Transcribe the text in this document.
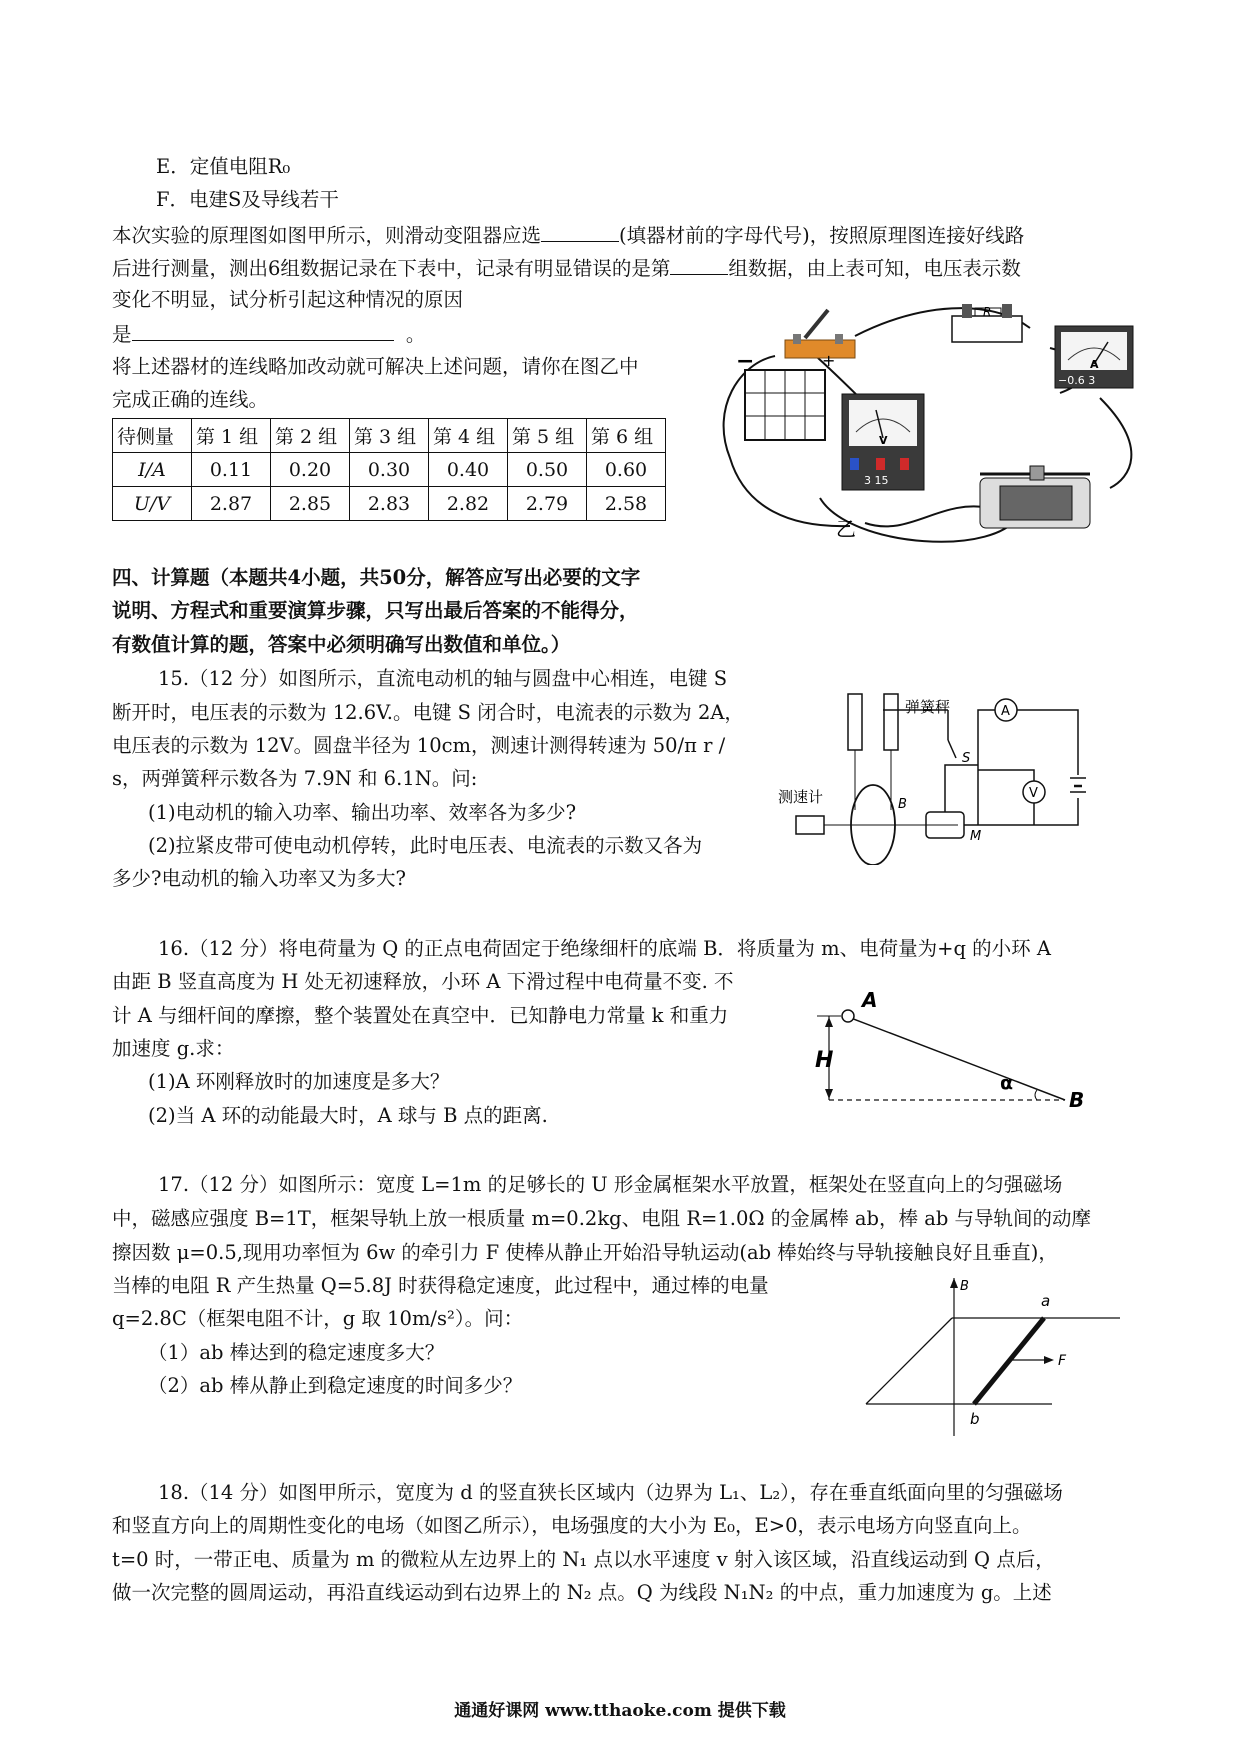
E．定值电阻R₀
F．电建S及导线若干
本次实验的原理图如图甲所示，则滑动变阻器应选	(填器材前的字母代号)，按照原理图连接好线路
后进行测量，测出6组数据记录在下表中，记录有明显错误的是第	组数据，由上表可知，电压表示数
变化不明显，试分析引起这种情况的原因
是	。
将上述器材的连线略加改动就可解决上述问题，请你在图乙中
完成正确的连线。
待侧量	第 1 组	第 2 组	第 3 组	第 4 组	第 5 组	第 6 组
I/A	0.11	0.20	0.30	0.40	0.50	0.60
U/V	2.87	2.85	2.83	2.82	2.79	2.58
R
−	+	A
−0.6 3
V
3 15
乙
四、计算题（本题共4小题，共50分，解答应写出必要的文字
说明、方程式和重要演算步骤，只写出最后答案的不能得分，
有数值计算的题，答案中必须明确写出数值和单位。）
15.（12 分）如图所示，直流电动机的轴与圆盘中心相连，电键 S
断开时，电压表的示数为 12.6V.。电键 S 闭合时，电流表的示数为 2A，
电压表的示数为 12V。圆盘半径为 10cm，测速计测得转速为 50/π r /
s，两弹簧秤示数各为 7.9N 和 6.1N。问:
(1)电动机的输入功率、输出功率、效率各为多少?
(2)拉紧皮带可使电动机停转，此时电压表、电流表的示数又各为
多少?电动机的输入功率又为多大?
弹簧秤
B
测速计
M
S
A
V
16.（12 分）将电荷量为 Q 的正点电荷固定于绝缘细杆的底端 B．将质量为 m、电荷量为+q 的小环 A
由距 B 竖直高度为 H 处无初速释放，小环 A 下滑过程中电荷量不变. 不
计 A 与细杆间的摩擦，整个装置处在真空中．已知静电力常量 k 和重力
加速度 g.求：
(1)A 环刚释放时的加速度是多大？
(2)当 A 环的动能最大时，A 球与 B 点的距离.
A
H
α
B
17.（12 分）如图所示：宽度 L=1m 的足够长的 U 形金属框架水平放置，框架处在竖直向上的匀强磁场
中，磁感应强度 B=1T，框架导轨上放一根质量 m=0.2kg、电阻 R=1.0Ω 的金属棒 ab，棒 ab 与导轨间的动摩
擦因数 μ=0.5,现用功率恒为 6w 的牵引力 F 使棒从静止开始沿导轨运动(ab 棒始终与导轨接触良好且垂直)，
当棒的电阻 R 产生热量 Q=5.8J 时获得稳定速度，此过程中，通过棒的电量
q=2.8C（框架电阻不计，g 取 10m/s²）。问：
（1）ab 棒达到的稳定速度多大？
（2）ab 棒从静止到稳定速度的时间多少？
B
a
b
F
18.（14 分）如图甲所示，宽度为 d 的竖直狭长区域内（边界为 L₁、L₂），存在垂直纸面向里的匀强磁场
和竖直方向上的周期性变化的电场（如图乙所示），电场强度的大小为 E₀，E>0，表示电场方向竖直向上。
t=0 时，一带正电、质量为 m 的微粒从左边界上的 N₁ 点以水平速度 v 射入该区域，沿直线运动到 Q 点后，
做一次完整的圆周运动，再沿直线运动到右边界上的 N₂ 点。Q 为线段 N₁N₂ 的中点，重力加速度为 g。上述
通通好课网 www.tthaoke.com 提供下载
